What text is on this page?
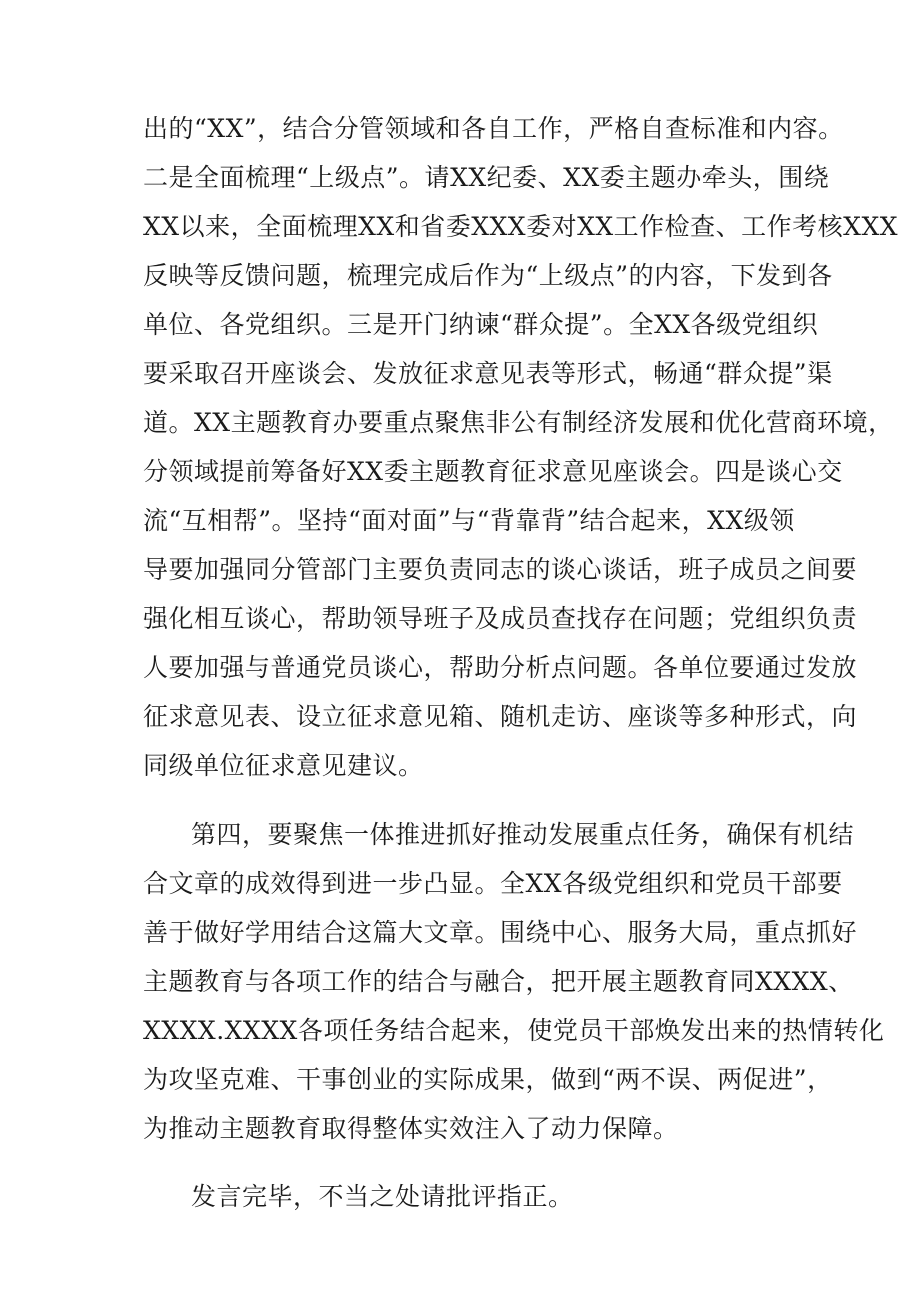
出的“XX”，结合分管领域和各自工作，严格自查标准和内容。

二是全面梳理“上级点”。请XX纪委、XX委主题办牵头，围绕

XX以来，全面梳理XX和省委XXX委对XX工作检查、工作考核XXX

反映等反馈问题，梳理完成后作为“上级点”的内容，下发到各

单位、各党组织。三是开门纳谏“群众提”。全XX各级党组织

要采取召开座谈会、发放征求意见表等形式，畅通“群众提”渠

道。XX主题教育办要重点聚焦非公有制经济发展和优化营商环境，

分领域提前筹备好XX委主题教育征求意见座谈会。四是谈心交

流“互相帮”。坚持“面对面”与“背靠背”结合起来，XX级领

导要加强同分管部门主要负责同志的谈心谈话，班子成员之间要

强化相互谈心，帮助领导班子及成员查找存在问题；党组织负责

人要加强与普通党员谈心，帮助分析点问题。各单位要通过发放

征求意见表、设立征求意见箱、随机走访、座谈等多种形式，向

同级单位征求意见建议。

第四，要聚焦一体推进抓好推动发展重点任务，确保有机结

合文章的成效得到进一步凸显。全XX各级党组织和党员干部要

善于做好学用结合这篇大文章。围绕中心、服务大局，重点抓好

主题教育与各项工作的结合与融合，把开展主题教育同XXXX、

XXXX.XXXX各项任务结合起来，使党员干部焕发出来的热情转化

为攻坚克难、干事创业的实际成果，做到“两不误、两促进”，

为推动主题教育取得整体实效注入了动力保障。

发言完毕，不当之处请批评指正。
